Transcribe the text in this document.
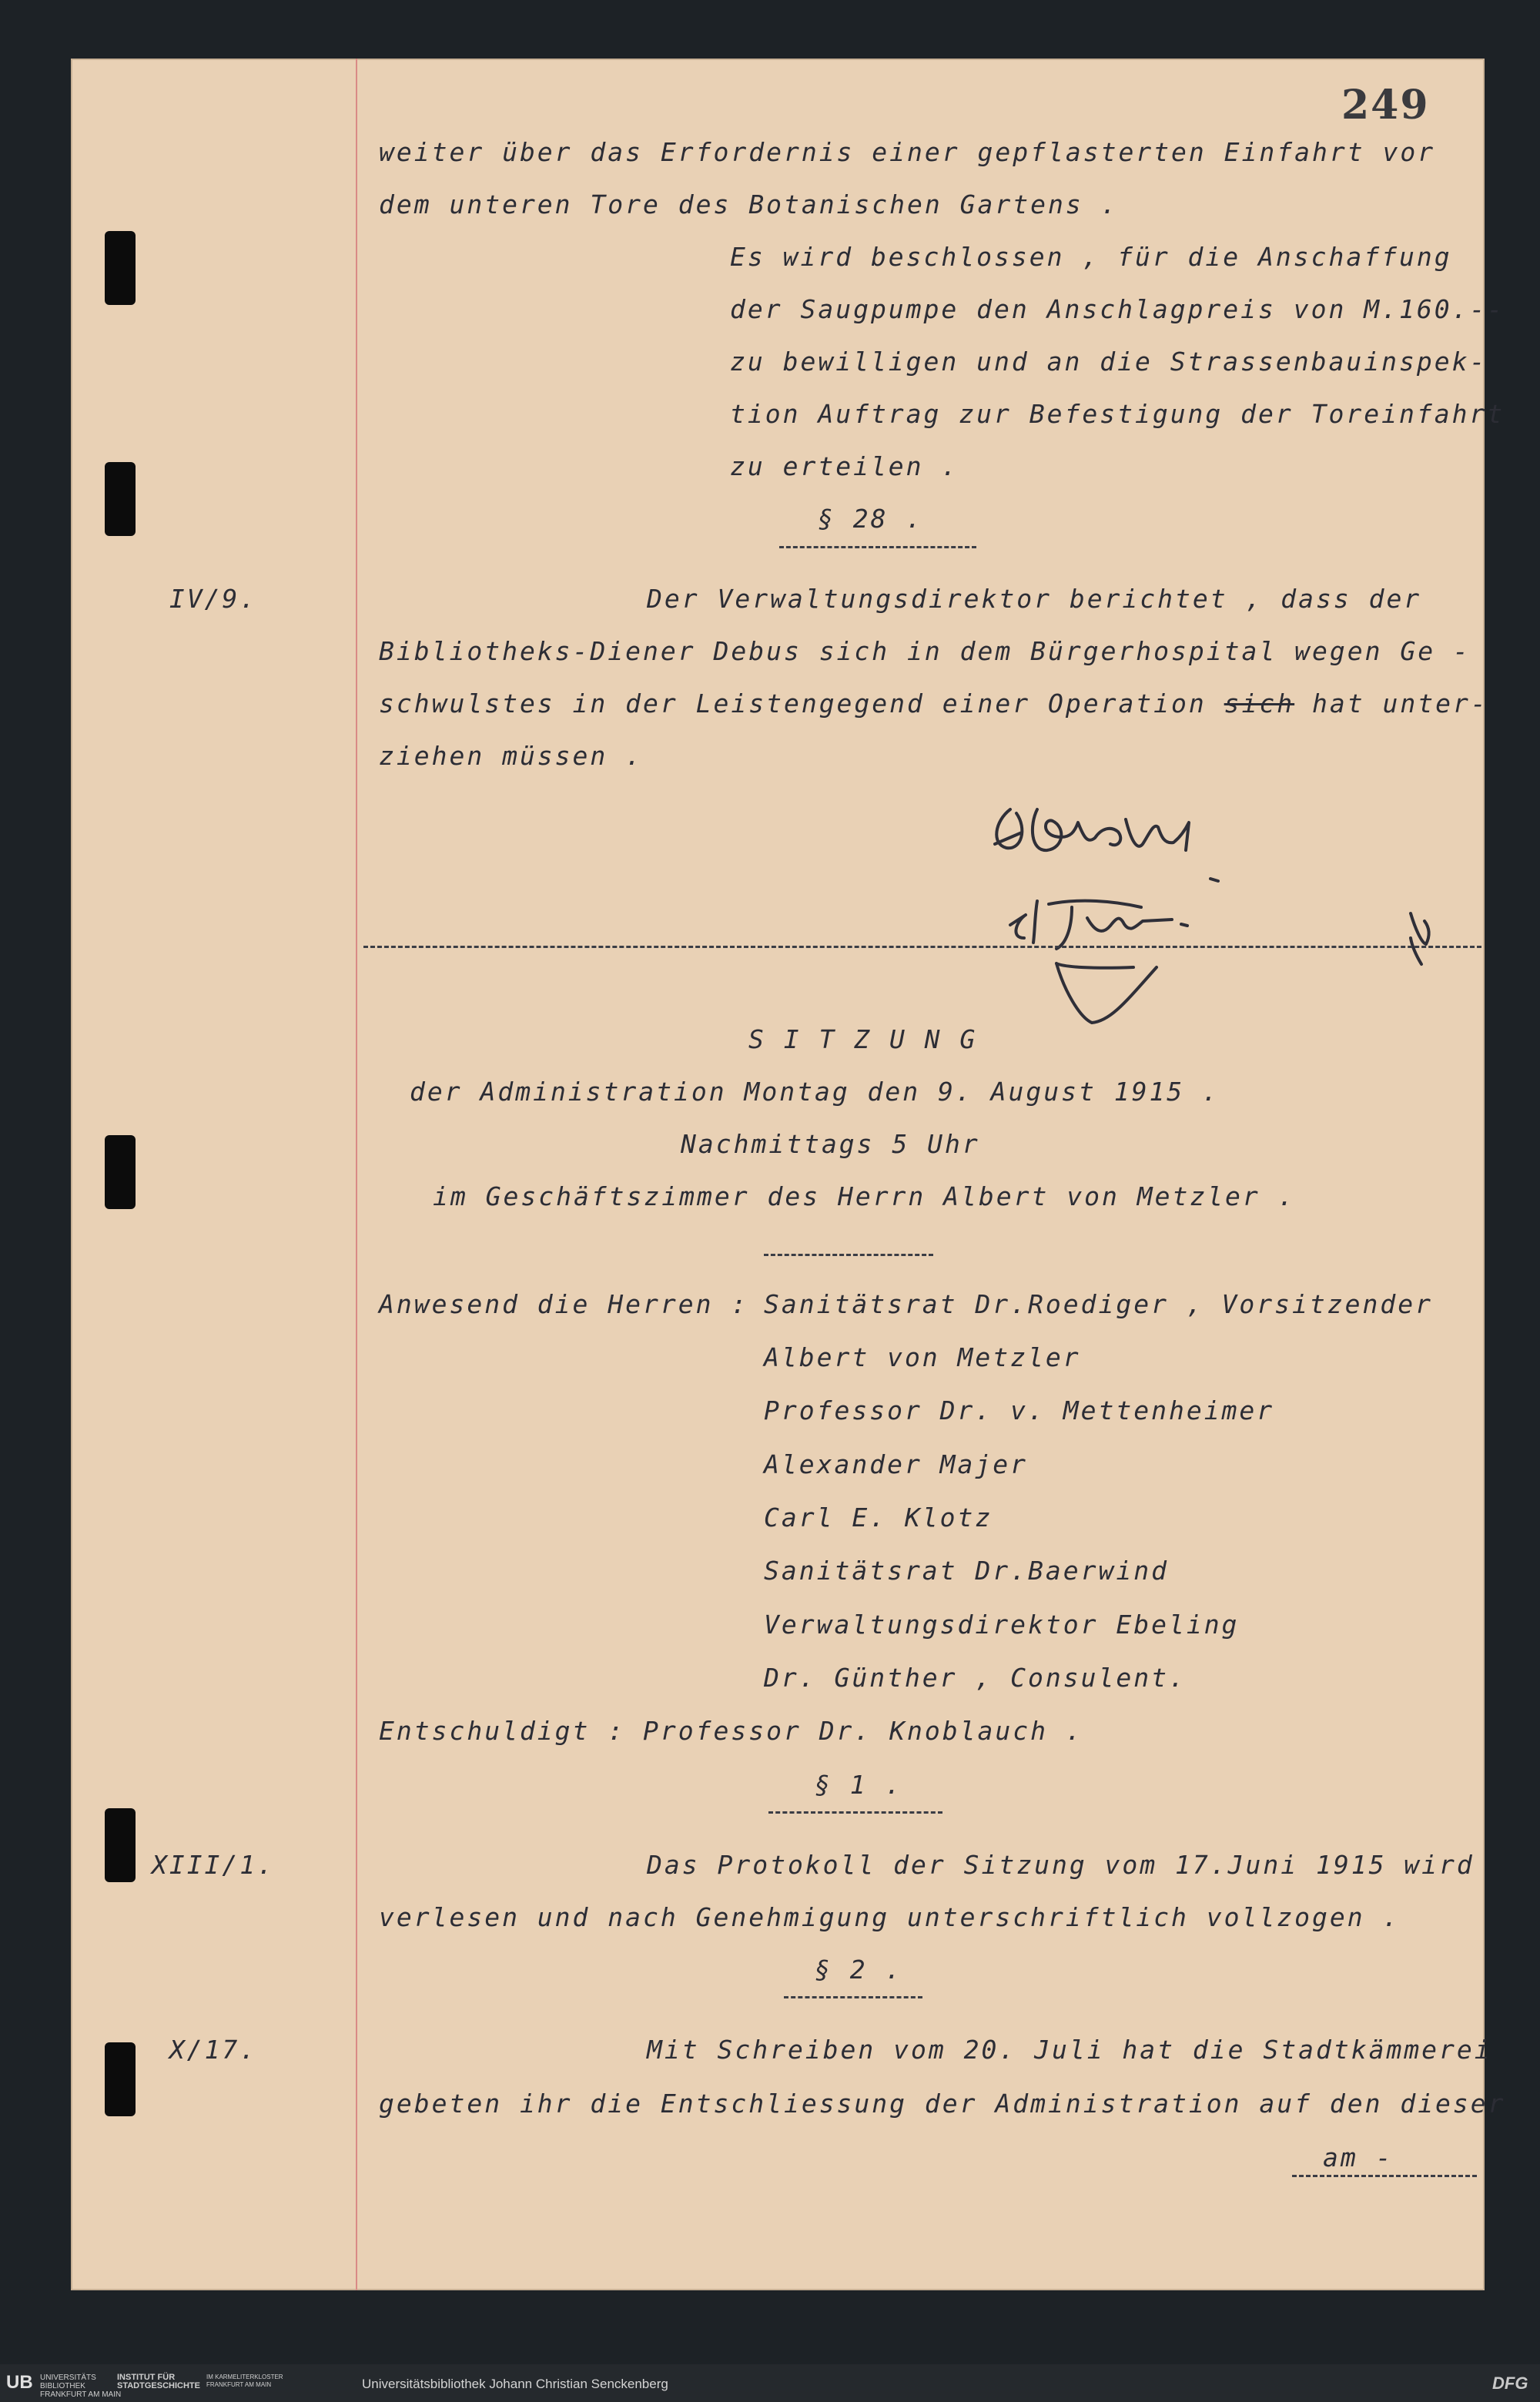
249
weiter über das Erfordernis einer gepflasterten Einfahrt vor
dem unteren Tore des Botanischen Gartens .
Es wird beschlossen , für die Anschaffung
der Saugpumpe den Anschlagpreis von M.160.--
zu bewilligen und an die Strassenbauinspek-
tion Auftrag zur Befestigung der Toreinfahrt
zu erteilen .
§ 28 .
IV/9.	Der Verwaltungsdirektor berichtet , dass der
Bibliotheks-Diener Debus sich in dem Bürgerhospital wegen Ge -
schwulstes in der Leistengegend einer Operation sich hat unter-
ziehen müssen .
S I T Z U N G
der Administration Montag den 9. August 1915 .
Nachmittags 5 Uhr
im Geschäftszimmer des Herrn Albert von Metzler .
Anwesend die Herren : Sanitätsrat Dr.Roediger , Vorsitzender
Albert von Metzler
Professor Dr. v. Mettenheimer
Alexander Majer
Carl E. Klotz
Sanitätsrat Dr.Baerwind
Verwaltungsdirektor Ebeling
Dr. Günther , Consulent.
Entschuldigt : Professor Dr. Knoblauch .
§ 1 .
XIII/1.	Das Protokoll der Sitzung vom 17.Juni 1915 wird
verlesen und nach Genehmigung unterschriftlich vollzogen .
§ 2 .
X/17.	Mit Schreiben vom 20. Juli hat die Stadtkämmerei
gebeten ihr die Entschliessung der Administration auf den dieser
am -
UB UNIVERSITÄTS
BIBLIOTHEK
FRANKFURT AM MAIN
INSTITUT FÜR
STADTGESCHICHTE
IM KARMELITERKLOSTER
FRANKFURT AM MAIN	Universitätsbibliothek Johann Christian Senckenberg	DFG
